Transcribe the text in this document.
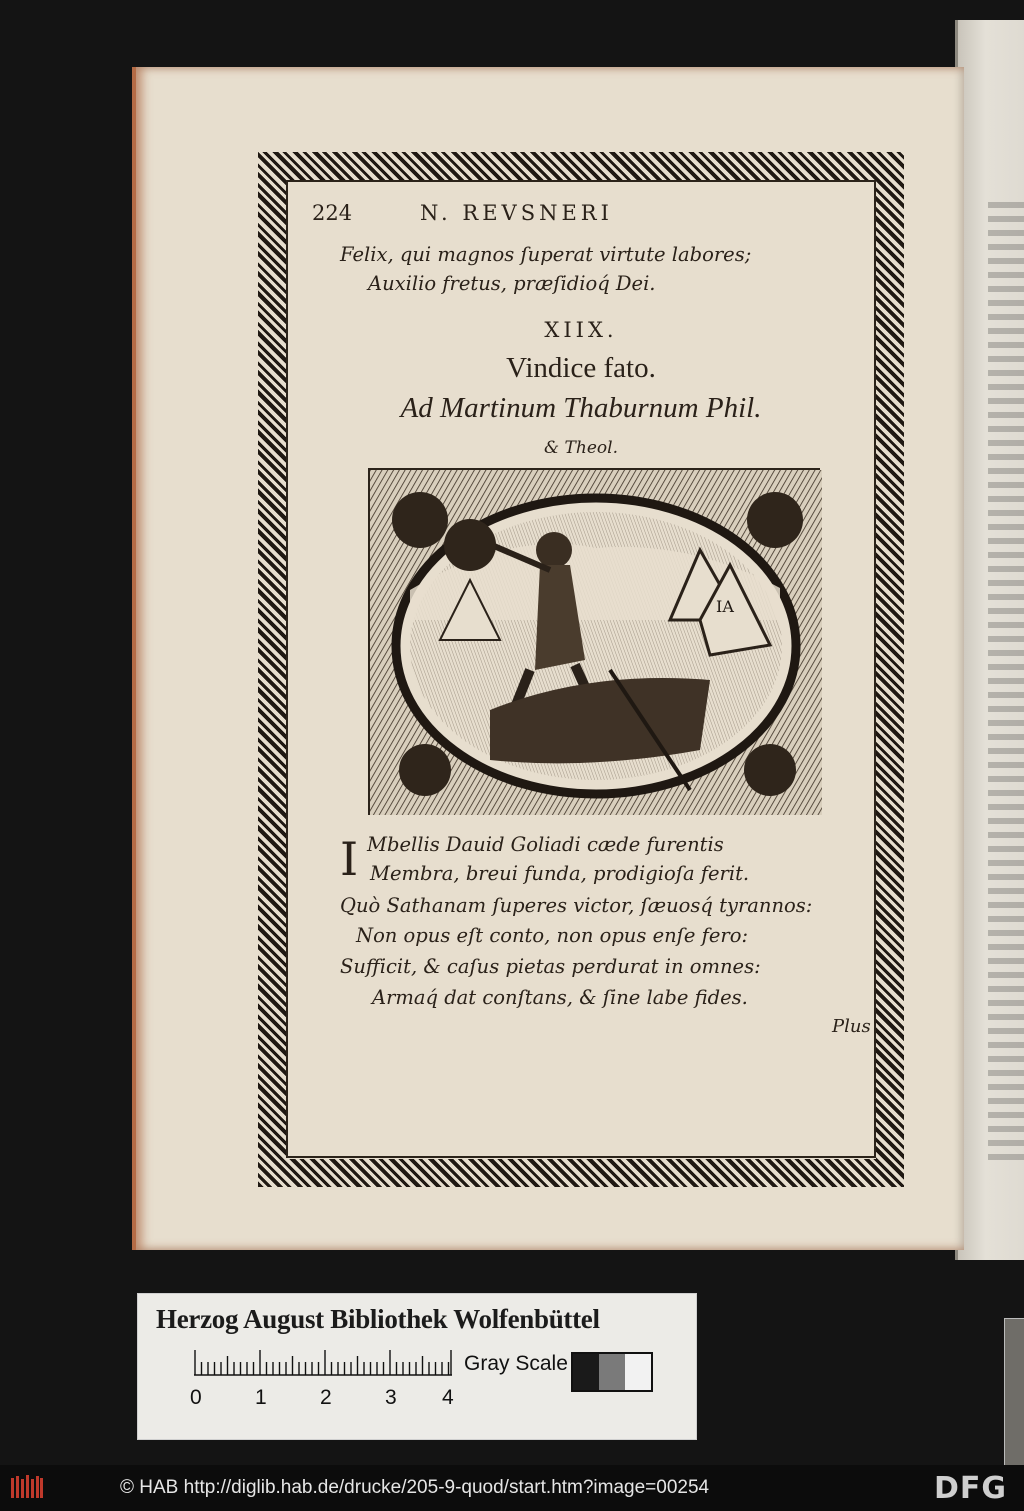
224	N. REVSNERI
Felix, qui magnos ſuperat virtute labores;
Auxilio fretus, præſidioq́ Dei.
XIIX.
Vindice fato.
Ad Martinum Thaburnum Phil.
& Theol.
IA
I Mbellis Dauid Goliadi cæde furentis
Membra, breui funda, prodigioſa ferit.
Quò Sathanam ſuperes victor, ſæuosq́ tyrannos:
Non opus eſt conto, non opus enſe fero:
Sufficit, & caſus pietas perdurat in omnes:
Armaq́ dat conſtans, & ſine labe fides.
Plus
Herzog August Bibliothek Wolfenbüttel
0	1	2	3 4
Gray Scale
© HAB http://diglib.hab.de/drucke/205-9-quod/start.htm?image=00254	DFG
